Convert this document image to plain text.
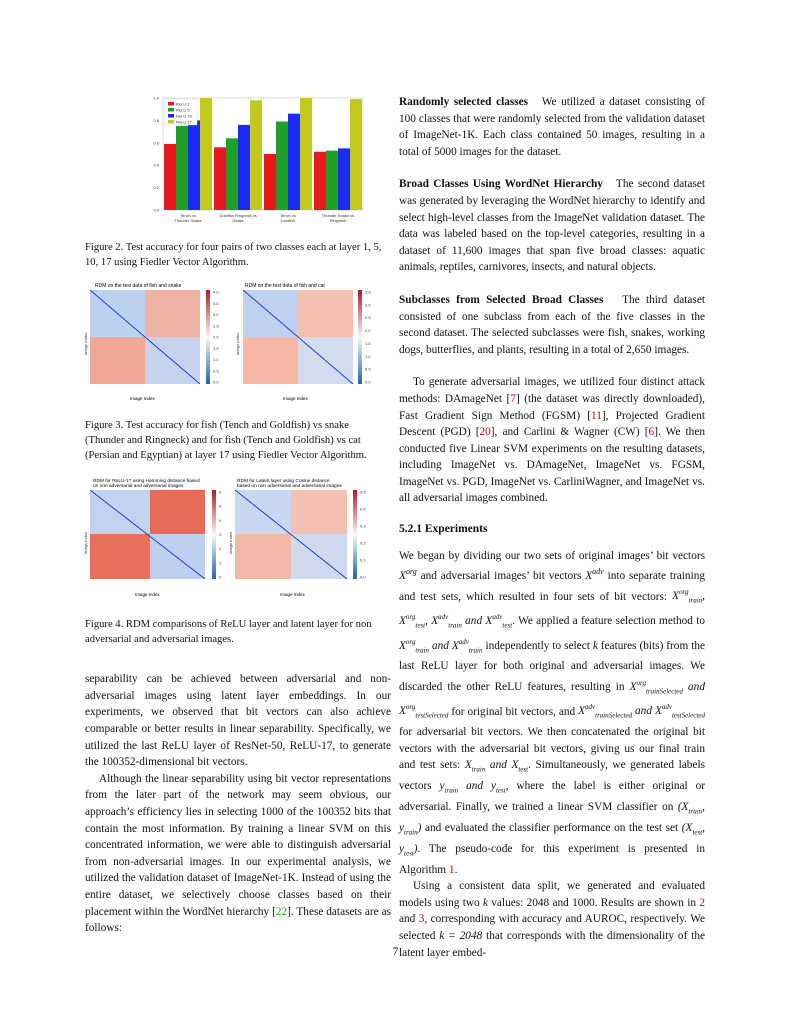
0.0
0.2
0.4
0.6
0.8
1.0
Tench vs
Thunder Snake
Goldfish Ringneck vs
Snake
Tench vs
Goldfish
Thunder Snake vs
Ringneck
ReLU 1
ReLU 5
ReLU 10
ReLU 17

Figure 2. Test accuracy for four pairs of two classes each at layer 1, 5, 10, 17 using Fiedler Vector Algorithm.

RDM on the test data of fish and snake
4.0
3.5
3.0
2.5
2.0
1.5
1.0
0.5
0.0
Image Index
RDM on the test data of fish and cat
3.5
3.0
2.5
2.0
1.5
1.0
0.5
0.0
Image Index
Image Index	Image Index

Figure 3. Test accuracy for fish (Tench and Goldfish) vs snake (Thunder and Ringneck) and for fish (Tench and Goldfish) vs cat (Persian and Egyptian) at layer 17 using Fiedler Vector Algorithm.

RDM for ReLU-17 using Hamming distance based on non adversarial and adversarial images
6
5
4
3
2
1
0
Image Index
RDM for Latent layer using Cosine distance based on non adversarial and adversarial images
0.5
0.4
0.3
0.2
0.1
0.0
Image Index
Image Index	Image Index

Figure 4. RDM comparisons of ReLU layer and latent layer for non adversarial and adversarial images.

separability can be achieved between adversarial and non-adversarial images using latent layer embeddings. In our experiments, we observed that bit vectors can also achieve comparable or better results in linear separability. Specifically, we utilized the last ReLU layer of ResNet-50, ReLU-17, to generate the 100352-dimensional bit vectors.

Although the linear separability using bit vector representations from the later part of the network may seem obvious, our approach’s efficiency lies in selecting 1000 of the 100352 bits that contain the most information. By training a linear SVM on this concentrated information, we were able to distinguish adversarial from non-adversarial images. In our experimental analysis, we utilized the validation dataset of ImageNet-1K. Instead of using the entire dataset, we selectively choose classes based on their placement within the WordNet hierarchy [22]. These datasets are as follows:

Randomly selected classes We utilized a dataset consisting of 100 classes that were randomly selected from the validation dataset of ImageNet-1K. Each class contained 50 images, resulting in a total of 5000 images for the dataset.

Broad Classes Using WordNet Hierarchy The second dataset was generated by leveraging the WordNet hierarchy to identify and select high-level classes from the ImageNet validation dataset. The data was labeled based on the top-level categories, resulting in a dataset of 11,600 images that span five broad classes: aquatic animals, reptiles, carnivores, insects, and natural objects.

Subclasses from Selected Broad Classes The third dataset consisted of one subclass from each of the five classes in the second dataset. The selected subclasses were fish, snakes, working dogs, butterflies, and plants, resulting in a total of 2,650 images.

To generate adversarial images, we utilized four distinct attack methods: DAmageNet [7] (the dataset was directly downloaded), Fast Gradient Sign Method (FGSM) [11], Projected Gradient Descent (PGD) [20], and Carlini & Wagner (CW) [6]. We then conducted five Linear SVM experiments on the resulting datasets, including ImageNet vs. DAmageNet, ImageNet vs. FGSM, ImageNet vs. PGD, ImageNet vs. CarliniWagner, and ImageNet vs. all adversarial images combined.

5.2.1 Experiments

We began by dividing our two sets of original images’ bit vectors $X^{org}$ and adversarial images’ bit vectors $X^{adv}$ into separate training and test sets, which resulted in four sets of bit vectors: $X^{org}_{train}$, $X^{org}_{test}$, $X^{adv}_{train}$ and $X^{adv}_{test}$. We applied a feature selection method to $X^{org}_{train}$ and $X^{adv}_{train}$ independently to select k features (bits) from the last ReLU layer for both original and adversarial images. We discarded the other ReLU features, resulting in $X^{org}_{trainSelected}$ and $X^{org}_{testSelected}$ for original bit vectors, and $X^{adv}_{trainSelected}$ and $X^{adv}_{testSelected}$ for adversarial bit vectors. We then concatenated the original bit vectors with the adversarial bit vectors, giving us our final train and test sets: $X_{train}$ and $X_{test}$. Simultaneously, we generated labels vectors $y_{train}$ and $y_{test}$, where the label is either original or adversarial. Finally, we trained a linear SVM classifier on ($X_{train}$, $y_{train}$) and evaluated the classifier performance on the test set ($X_{test}$, $y_{test}$). The pseudo-code for this experiment is presented in Algorithm 1.

Using a consistent data split, we generated and evaluated models using two k values: 2048 and 1000. Results are shown in 2 and 3, corresponding with accuracy and AUROC, respectively. We selected k = 2048 that corresponds with the dimensionality of the latent layer embed-

7
